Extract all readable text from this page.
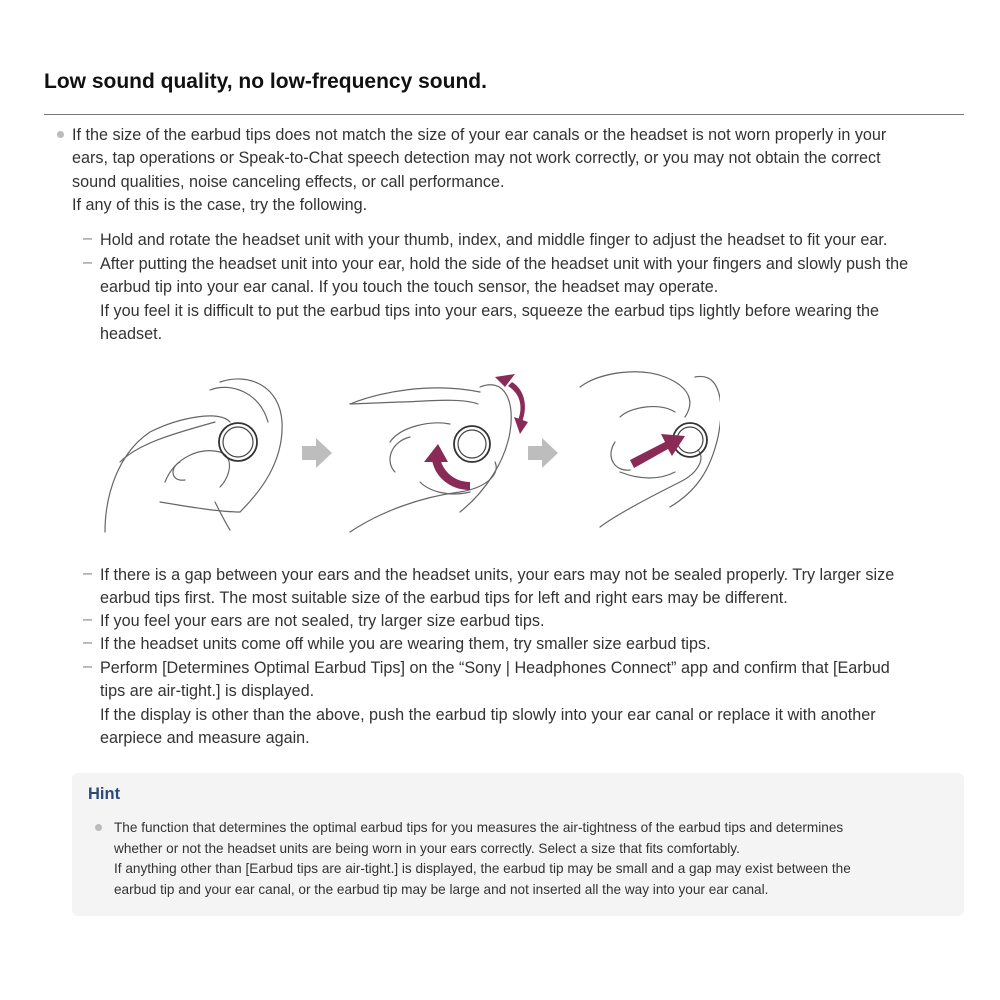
Low sound quality, no low-frequency sound.
If the size of the earbud tips does not match the size of your ear canals or the headset is not worn properly in your
ears, tap operations or Speak-to-Chat speech detection may not work correctly, or you may not obtain the correct
sound qualities, noise canceling effects, or call performance.
If any of this is the case, try the following.
– Hold and rotate the headset unit with your thumb, index, and middle finger to adjust the headset to fit your ear.
– After putting the headset unit into your ear, hold the side of the headset unit with your fingers and slowly push the
earbud tip into your ear canal. If you touch the touch sensor, the headset may operate.
If you feel it is difficult to put the earbud tips into your ears, squeeze the earbud tips lightly before wearing the
headset.
– If there is a gap between your ears and the headset units, your ears may not be sealed properly. Try larger size
earbud tips first. The most suitable size of the earbud tips for left and right ears may be different.
– If you feel your ears are not sealed, try larger size earbud tips.
– If the headset units come off while you are wearing them, try smaller size earbud tips.
– Perform [Determines Optimal Earbud Tips] on the “Sony | Headphones Connect” app and confirm that [Earbud
tips are air-tight.] is displayed.
If the display is other than the above, push the earbud tip slowly into your ear canal or replace it with another
earpiece and measure again.
Hint
The function that determines the optimal earbud tips for you measures the air-tightness of the earbud tips and determines
whether or not the headset units are being worn in your ears correctly. Select a size that fits comfortably.
If anything other than [Earbud tips are air-tight.] is displayed, the earbud tip may be small and a gap may exist between the
earbud tip and your ear canal, or the earbud tip may be large and not inserted all the way into your ear canal.
